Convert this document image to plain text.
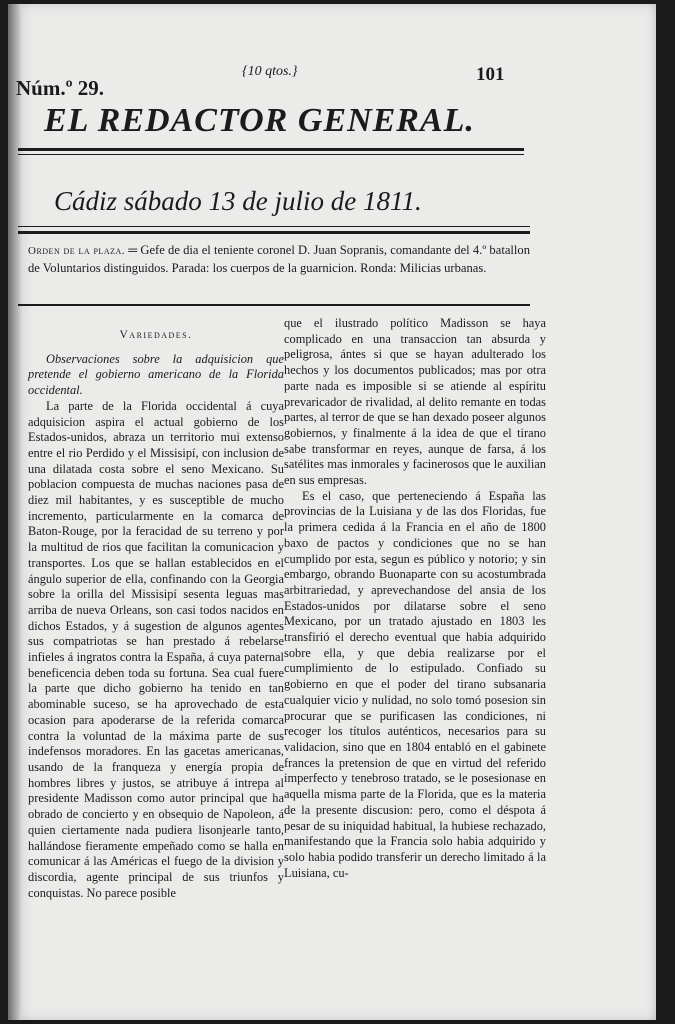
Núm.º 29.
{10 qtos.}	101
EL REDACTOR GENERAL.
Cádiz sábado 13 de julio de 1811.
Orden de la plaza. ═ Gefe de dia el teniente coronel D. Juan Sopranis, comandante del 4.º batallon de Voluntarios distinguidos. Parada: los cuerpos de la guarnicion. Ronda: Milicias urbanas.
Variedades.

Observaciones sobre la adquisicion que pretende el gobierno americano de la Florida occidental.

La parte de la Florida occidental á cuya adquisicion aspira el actual gobierno de los Estados-unidos, abraza un territorio mui extenso entre el rio Perdido y el Missisipí, con inclusion de una dilatada costa sobre el seno Mexicano. Su poblacion compuesta de muchas naciones pasa de diez mil habitantes, y es susceptible de mucho incremento, particularmente en la comarca de Baton-Rouge, por la feracidad de su terreno y por la multitud de rios que facilitan la comunicacion y transportes. Los que se hallan establecidos en el ángulo superior de ella, confinando con la Georgia sobre la orilla del Missisipí sesenta leguas mas arriba de nueva Orleans, son casi todos nacidos en dichos Estados, y á sugestion de algunos agentes sus compatriotas se han prestado á rebelarse infieles á ingratos contra la España, á cuya paternal beneficencia deben toda su fortuna. Sea cual fuere la parte que dicho gobierno ha tenido en tan abominable suceso, se ha aprovechado de esta ocasion para apoderarse de la referida comarca contra la voluntad de la máxima parte de sus indefensos moradores. En las gacetas americanas, usando de la franqueza y energía propia de hombres libres y justos, se atribuye á intrepa al presidente Madisson como autor principal que ha obrado de concierto y en obsequio de Napoleon, á quien ciertamente nada pudiera lisonjearle tanto, hallándose fieramente empeñado como se halla en comunicar á las Américas el fuego de la division y discordia, agente principal de sus triunfos y conquistas. No parece posible

que el ilustrado político Madisson se haya complicado en una transaccion tan absurda y peligrosa, ántes si que se hayan adulterado los hechos y los documentos publicados; mas por otra parte nada es imposible si se atiende al espíritu prevaricador de rivalidad, al delito remante en todas partes, al terror de que se han dexado poseer algunos gobiernos, y finalmente á la idea de que el tirano sabe transformar en reyes, aunque de farsa, á los satélites mas inmorales y facinerosos que le auxilian en sus empresas.

Es el caso, que perteneciendo á España las provincias de la Luisiana y de las dos Floridas, fue la primera cedida á la Francia en el año de 1800 baxo de pactos y condiciones que no se han cumplido por esta, segun es público y notorio; y sin embargo, obrando Buonaparte con su acostumbrada arbitrariedad, y aprevechandose del ansia de los Estados-unidos por dilatarse sobre el seno Mexicano, por un tratado ajustado en 1803 les transfirió el derecho eventual que habia adquirido sobre ella, y que debia realizarse por el cumplimiento de lo estipulado. Confiado su gobierno en que el poder del tirano subsanaria cualquier vicio y nulidad, no solo tomó posesion sin procurar que se purificasen las condiciones, ni recoger los títulos auténticos, necesarios para su validacion, sino que en 1804 entabló en el gabinete frances la pretension de que en virtud del referido imperfecto y tenebroso tratado, se le posesionase en aquella misma parte de la Florida, que es la materia de la presente discusion: pero, como el déspota á pesar de su iniquidad habitual, la hubiese rechazado, manifestando que la Francia solo habia adquirido y solo habia podido transferir un derecho limitado á la Luisiana, cu-
